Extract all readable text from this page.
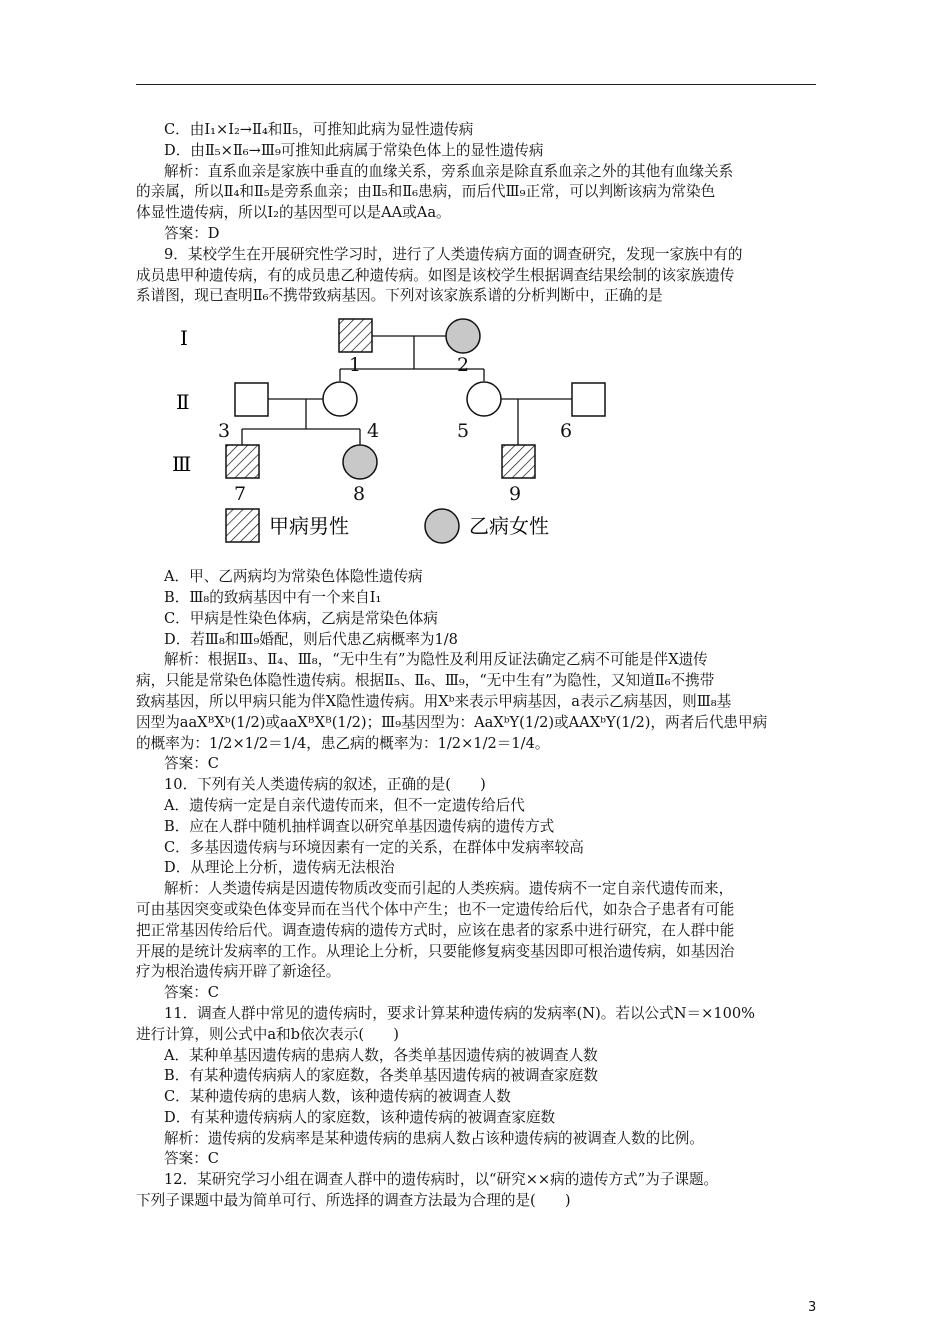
C．由Ⅰ₁×Ⅰ₂→Ⅱ₄和Ⅱ₅，可推知此病为显性遗传病
D．由Ⅱ₅×Ⅱ₆→Ⅲ₉可推知此病属于常染色体上的显性遗传病
解析：直系血亲是家族中垂直的血缘关系，旁系血亲是除直系血亲之外的其他有血缘关系
的亲属，所以Ⅱ₄和Ⅱ₅是旁系血亲；由Ⅱ₅和Ⅱ₆患病，而后代Ⅲ₉正常，可以判断该病为常染色
体显性遗传病，所以Ⅰ₂的基因型可以是AA或Aa。
答案：D
9．某校学生在开展研究性学习时，进行了人类遗传病方面的调查研究，发现一家族中有的
成员患甲种遗传病，有的成员患乙种遗传病。如图是该校学生根据调查结果绘制的该家族遗传
系谱图，现已查明Ⅱ₆不携带致病基因。下列对该家族系谱的分析判断中，正确的是
Ⅰ
Ⅱ
Ⅲ
1	2
3	4	5	6
7	8	9
甲病男性	乙病女性
A．甲、乙两病均为常染色体隐性遗传病
B．Ⅲ₈的致病基因中有一个来自Ⅰ₁
C．甲病是性染色体病，乙病是常染色体病
D．若Ⅲ₈和Ⅲ₉婚配，则后代患乙病概率为1/8
解析：根据Ⅱ₃、Ⅱ₄、Ⅲ₈，“无中生有”为隐性及利用反证法确定乙病不可能是伴X遗传
病，只能是常染色体隐性遗传病。根据Ⅱ₅、Ⅱ₆、Ⅲ₉，“无中生有”为隐性，又知道Ⅱ₆不携带
致病基因，所以甲病只能为伴X隐性遗传病。用Xᵇ来表示甲病基因，a表示乙病基因，则Ⅲ₈基
因型为aaXᴮXᵇ(1/2)或aaXᴮXᴮ(1/2)；Ⅲ₉基因型为：AaXᵇY(1/2)或AAXᵇY(1/2)，两者后代患甲病
的概率为：1/2×1/2＝1/4，患乙病的概率为：1/2×1/2＝1/4。
答案：C
10．下列有关人类遗传病的叙述，正确的是(　　)
A．遗传病一定是自亲代遗传而来，但不一定遗传给后代
B．应在人群中随机抽样调查以研究单基因遗传病的遗传方式
C．多基因遗传病与环境因素有一定的关系，在群体中发病率较高
D．从理论上分析，遗传病无法根治
解析：人类遗传病是因遗传物质改变而引起的人类疾病。遗传病不一定自亲代遗传而来，
可由基因突变或染色体变异而在当代个体中产生；也不一定遗传给后代，如杂合子患者有可能
把正常基因传给后代。调查遗传病的遗传方式时，应该在患者的家系中进行研究，在人群中能
开展的是统计发病率的工作。从理论上分析，只要能修复病变基因即可根治遗传病，如基因治
疗为根治遗传病开辟了新途径。
答案：C
11．调查人群中常见的遗传病时，要求计算某种遗传病的发病率(N)。若以公式N＝×100%
进行计算，则公式中a和b依次表示(　　)
A．某种单基因遗传病的患病人数，各类单基因遗传病的被调查人数
B．有某种遗传病病人的家庭数，各类单基因遗传病的被调查家庭数
C．某种遗传病的患病人数，该种遗传病的被调查人数
D．有某种遗传病病人的家庭数，该种遗传病的被调查家庭数
解析：遗传病的发病率是某种遗传病的患病人数占该种遗传病的被调查人数的比例。
答案：C
12．某研究学习小组在调查人群中的遗传病时，以“研究××病的遗传方式”为子课题。
下列子课题中最为简单可行、所选择的调查方法最为合理的是(　　)
3
